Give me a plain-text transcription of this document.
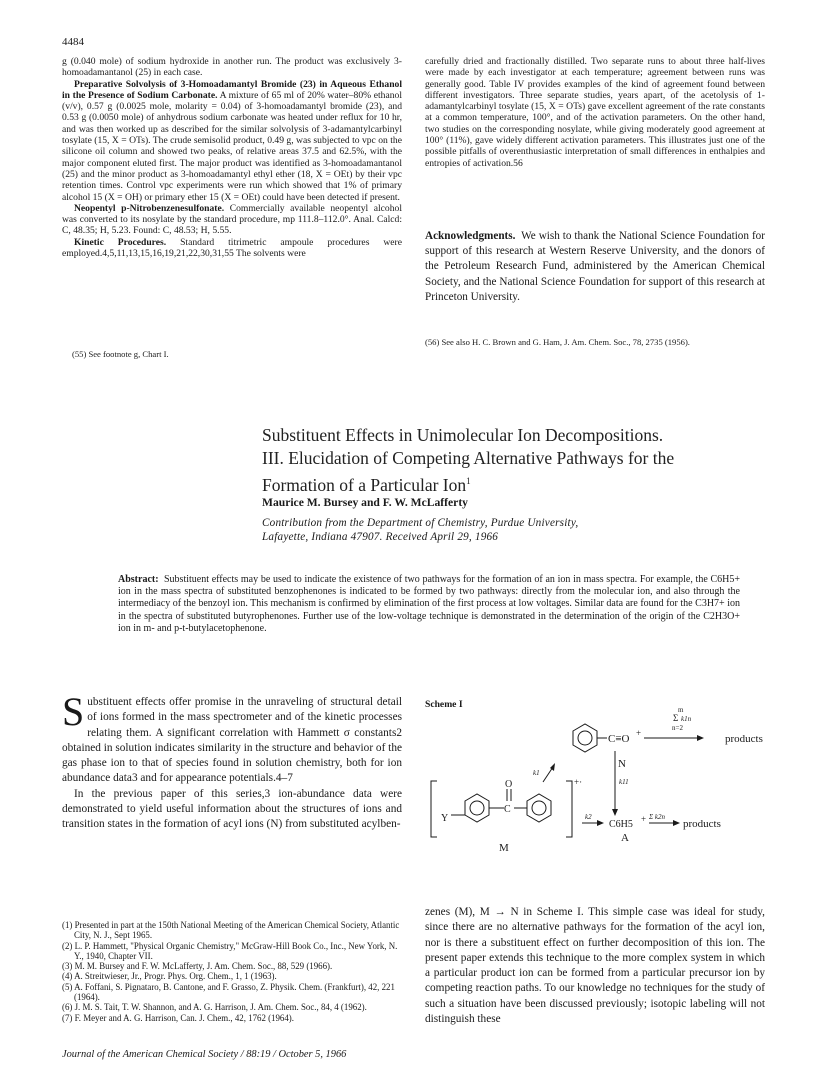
4484

g (0.040 mole) of sodium hydroxide in another run. The product was exclusively 3-homoadamantanol (25) in each case.

Preparative Solvolysis of 3-Homoadamantyl Bromide (23) in Aqueous Ethanol in the Presence of Sodium Carbonate. A mixture of 65 ml of 20% water–80% ethanol (v/v), 0.57 g (0.0025 mole, molarity = 0.04) of 3-homoadamantyl bromide (23), and 0.53 g (0.0050 mole) of anhydrous sodium carbonate was heated under reflux for 10 hr, and was then worked up as described for the similar solvolysis of 3-adamantylcarbinyl tosylate (15, X = OTs). The crude semisolid product, 0.49 g, was subjected to vpc on the silicone oil column and showed two peaks, of relative areas 37.5 and 62.5%, with the major component eluted first. The major product was identified as 3-homoadamantanol (25) and the minor product as 3-homoadamantyl ethyl ether (18, X = OEt) by their vpc retention times. Control vpc experiments were run which showed that 1% of primary alcohol 15 (X = OH) or primary ether 15 (X = OEt) could have been detected if present.

Neopentyl p-Nitrobenzenesulfonate. Commercially available neopentyl alcohol was converted to its nosylate by the standard procedure, mp 111.8–112.0°. Anal. Calcd: C, 48.35; H, 5.23. Found: C, 48.53; H, 5.55.

Kinetic Procedures. Standard titrimetric ampoule procedures were employed.4,5,11,13,15,16,19,21,22,30,31,55 The solvents were

(55) See footnote g, Chart I.
carefully dried and fractionally distilled. Two separate runs to about three half-lives were made by each investigator at each temperature; agreement between runs was generally good. Table IV provides examples of the kind of agreement found between different investigators. Three separate studies, years apart, of the acetolysis of 1-adamantylcarbinyl tosylate (15, X = OTs) gave excellent agreement of the rate constants at a common temperature, 100°, and of the activation parameters. On the other hand, two studies on the corresponding nosylate, while giving moderately good agreement at 100° (11%), gave widely different activation parameters. This illustrates just one of the possible pitfalls of overenthusiastic interpretation of small differences in enthalpies and entropies of activation.56
Acknowledgments. We wish to thank the National Science Foundation for support of this research at Western Reserve University, and the donors of the Petroleum Research Fund, administered by the American Chemical Society, and the National Science Foundation for support of this research at Princeton University.
(56) See also H. C. Brown and G. Ham, J. Am. Chem. Soc., 78, 2735 (1956).
Substituent Effects in Unimolecular Ion Decompositions.
III. Elucidation of Competing Alternative Pathways for the
Formation of a Particular Ion$^1$
Maurice M. Bursey and F. W. McLafferty
Contribution from the Department of Chemistry, Purdue University,
Lafayette, Indiana 47907. Received April 29, 1966
Abstract: Substituent effects may be used to indicate the existence of two pathways for the formation of an ion in mass spectra. For example, the C6H5+ ion in the mass spectra of substituted benzophenones is indicated to be formed by two pathways: directly from the molecular ion, and also through the intermediacy of the benzoyl ion. This mechanism is confirmed by elimination of the first process at low voltages. Similar data are found for the C3H7+ ion in the spectra of substituted butyrophenones. Further use of the low-voltage technique is demonstrated in the determination of the origin of the C2H3O+ ion in m- and p-t-butylacetophenone.

Substituent effects offer promise in the unraveling of structural detail of ions formed in the mass spectrometer and of the kinetic processes relating them. A significant correlation with Hammett σ constants2 obtained in solution indicates similarity in the structure and behavior of the gas phase ion to that of species found in solution chemistry, both for ion abundance data3 and for appearance potentials.4–7

In the previous paper of this series,3 ion-abundance data were demonstrated to yield useful information about the structures of ions and transition states in the formation of acyl ions (N) from substituted acylben-

(1) Presented in part at the 150th National Meeting of the American Chemical Society, Atlantic City, N. J., Sept 1965.
(2) L. P. Hammett, "Physical Organic Chemistry," McGraw-Hill Book Co., Inc., New York, N. Y., 1940, Chapter VII.
(3) M. M. Bursey and F. W. McLafferty, J. Am. Chem. Soc., 88, 529 (1966).
(4) A. Streitwieser, Jr., Progr. Phys. Org. Chem., 1, 1 (1963).
(5) A. Foffani, S. Pignataro, B. Cantone, and F. Grasso, Z. Physik. Chem. (Frankfurt), 42, 221 (1964).
(6) J. M. S. Tait, T. W. Shannon, and A. G. Harrison, J. Am. Chem. Soc., 84, 4 (1962).
(7) F. Meyer and A. G. Harrison, Can. J. Chem., 42, 1762 (1964).
Scheme I
C≡O +
m
Σ k1n
n=2
products
N
k1
k11
O
C
Y
+·
M
k2
C6H5 + Σ k2n
products
A
zenes (M), M → N in Scheme I. This simple case was ideal for study, since there are no alternative pathways for the formation of the acyl ion, nor is there a substituent effect on further decomposition of this ion. The present paper extends this technique to the more complex system in which a particular product ion can be formed from a particular precursor ion by competing reaction paths. To our knowledge no techniques for the study of such a situation have been discussed previously; isotopic labeling will not distinguish these
Journal of the American Chemical Society / 88:19 / October 5, 1966
